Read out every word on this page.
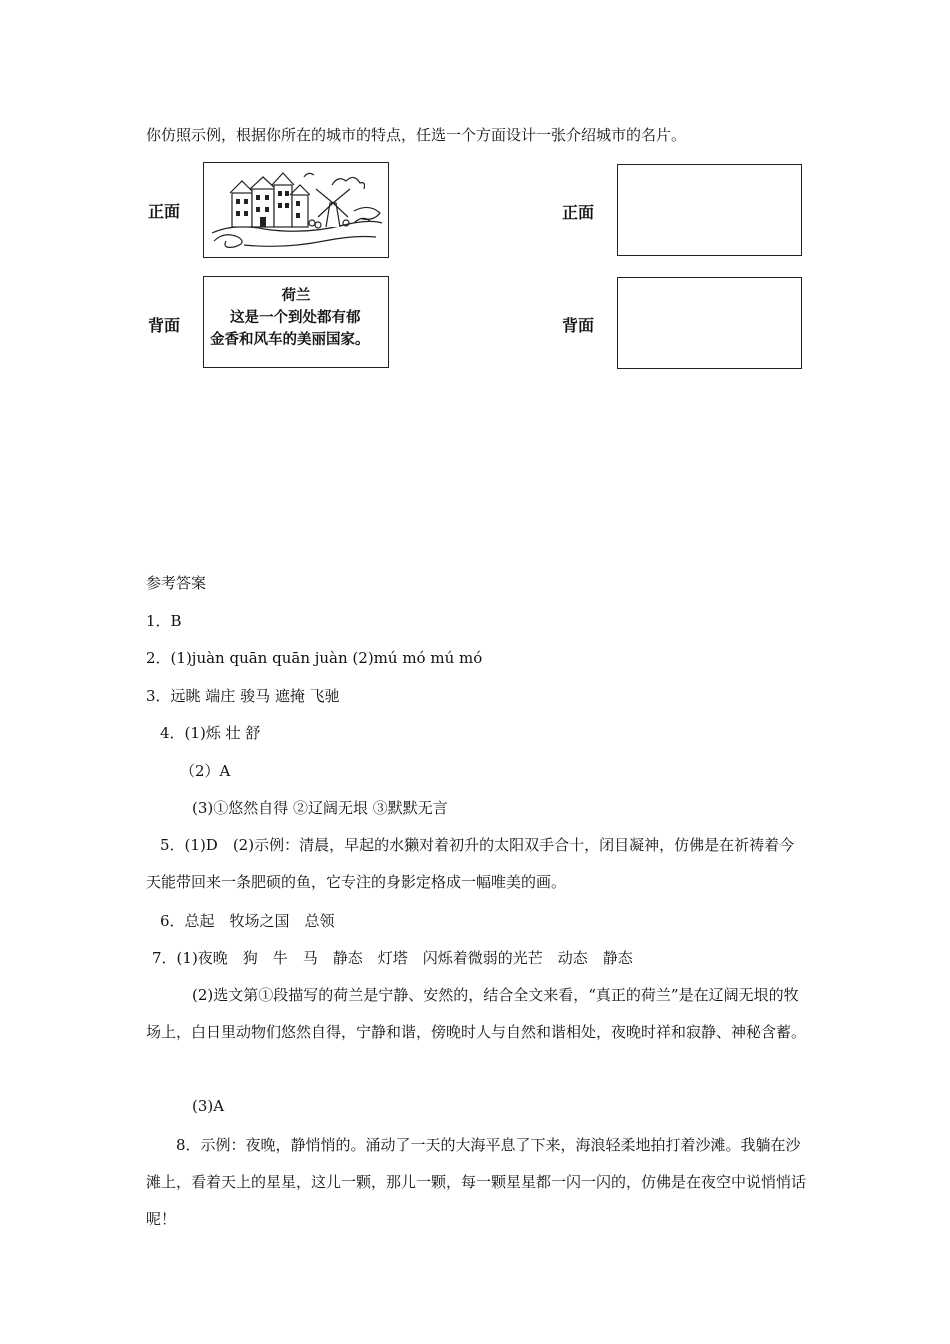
你仿照示例，根据你所在的城市的特点，任选一个方面设计一张介绍城市的名片。
正面
背面
荷兰
这是一个到处都有郁
金香和风车的美丽国家。
正面
背面
参考答案
1．B
2．(1)juàn quān quān juàn (2)mú mó mú mó
3．远眺 端庄 骏马 遮掩 飞驰
4．(1)烁 壮 舒
（2）A
(3)①悠然自得 ②辽阔无垠 ③默默无言
5．(1)D　(2)示例：清晨，早起的水獭对着初升的太阳双手合十，闭目凝神，仿佛是在祈祷着今天能带回来一条肥硕的鱼，它专注的身影定格成一幅唯美的画。
6．总起　牧场之国　总领
7．(1)夜晚　狗　牛　马　静态　灯塔　闪烁着微弱的光芒　动态　静态
(2)选文第①段描写的荷兰是宁静、安然的，结合全文来看，“真正的荷兰”是在辽阔无垠的牧场上，白日里动物们悠然自得，宁静和谐，傍晚时人与自然和谐相处，夜晚时祥和寂静、神秘含蓄。
(3)A
8．示例：夜晚，静悄悄的。涌动了一天的大海平息了下来，海浪轻柔地拍打着沙滩。我躺在沙滩上，看着天上的星星，这儿一颗，那儿一颗，每一颗星星都一闪一闪的，仿佛是在夜空中说悄悄话呢！
